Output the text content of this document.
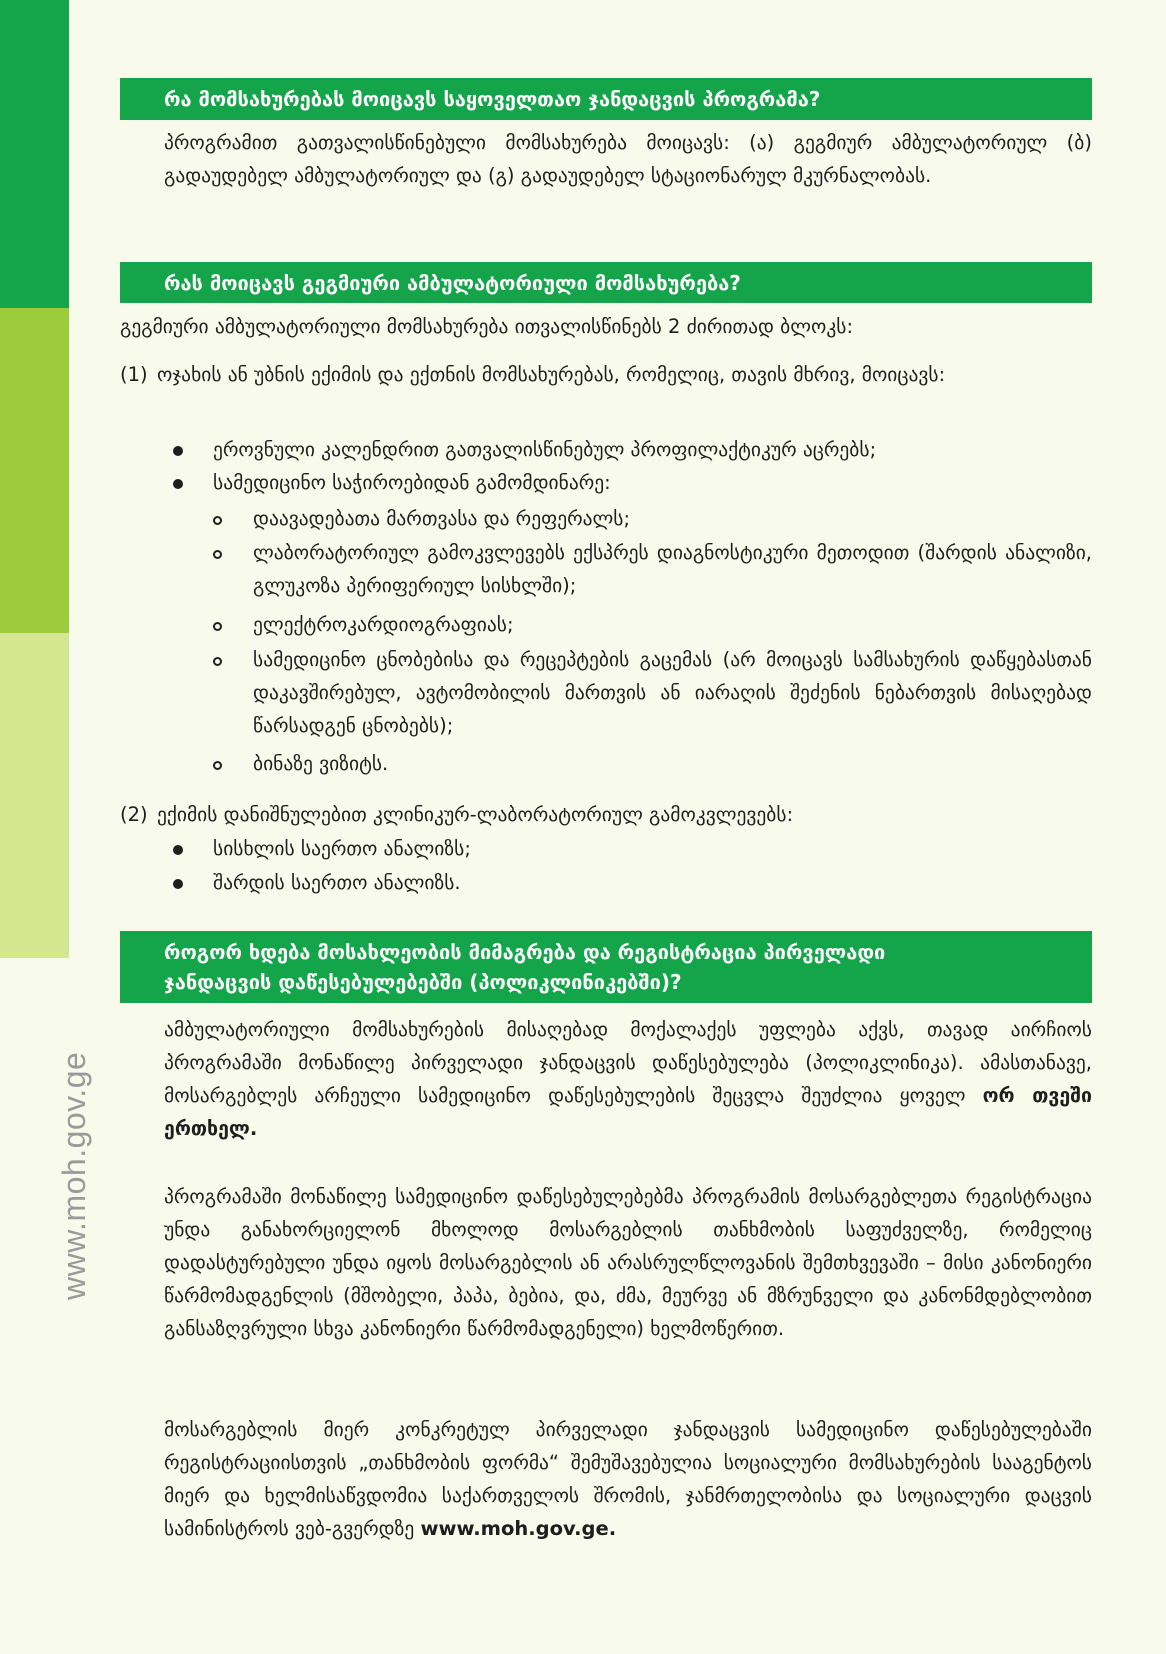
www.moh.gov.ge
რა მომსახურებას მოიცავს საყოველთაო ჯანდაცვის პროგრამა?
პროგრამით გათვალისწინებული მომსახურება მოიცავს: (ა) გეგმიურ ამბულატორიულ (ბ) გადაუდებელ ამბულატორიულ და (გ) გადაუდებელ სტაციონარულ მკურნალობას.
რას მოიცავს გეგმიური ამბულატორიული მომსახურება?
გეგმიური ამბულატორიული მომსახურება ითვალისწინებს 2 ძირითად ბლოკს:
(1) ოჯახის ან უბნის ექიმის და ექთნის მომსახურებას, რომელიც, თავის მხრივ, მოიცავს:
ეროვნული კალენდრით გათვალისწინებულ პროფილაქტიკურ აცრებს;
სამედიცინო საჭიროებიდან გამომდინარე:
დაავადებათა მართვასა და რეფერალს;
ლაბორატორიულ გამოკვლევებს ექსპრეს დიაგნოსტიკური მეთოდით (შარდის ანალიზი, გლუკოზა პერიფერიულ სისხლში);
ელექტროკარდიოგრაფიას;
სამედიცინო ცნობებისა და რეცეპტების გაცემას (არ მოიცავს სამსახურის დაწყებასთან დაკავშირებულ, ავტომობილის მართვის ან იარაღის შეძენის ნებართვის მისაღებად წარსადგენ ცნობებს);
ბინაზე ვიზიტს.
(2) ექიმის დანიშნულებით კლინიკურ-ლაბორატორიულ გამოკვლევებს:
სისხლის საერთო ანალიზს;
შარდის საერთო ანალიზს.
როგორ ხდება მოსახლეობის მიმაგრება და რეგისტრაცია პირველადი
ჯანდაცვის დაწესებულებებში (პოლიკლინიკებში)?
ამბულატორიული მომსახურების მისაღებად მოქალაქეს უფლება აქვს, თავად აირჩიოს პროგრამაში მონაწილე პირველადი ჯანდაცვის დაწესებულება (პოლიკლინიკა). ამასთანავე, მოსარგებლეს არჩეული სამედიცინო დაწესებულების შეცვლა შეუძლია ყოველ ორ თვეში ერთხელ.
პროგრამაში მონაწილე სამედიცინო დაწესებულებებმა პროგრამის მოსარგებლეთა რეგისტრაცია უნდა განახორციელონ მხოლოდ მოსარგებლის თანხმობის საფუძველზე, რომელიც დადასტურებული უნდა იყოს მოსარგებლის ან არასრულწლოვანის შემთხვევაში – მისი კანონიერი წარმომადგენლის (მშობელი, პაპა, ბებია, და, ძმა, მეურვე ან მზრუნველი და კანონმდებლობით განსაზღვრული სხვა კანონიერი წარმომადგენელი) ხელმოწერით.
მოსარგებლის მიერ კონკრეტულ პირველადი ჯანდაცვის სამედიცინო დაწესებულებაში რეგისტრაციისთვის „თანხმობის ფორმა“ შემუშავებულია სოციალური მომსახურების სააგენტოს მიერ და ხელმისაწვდომია საქართველოს შრომის, ჯანმრთელობისა და სოციალური დაცვის სამინისტროს ვებ-გვერდზე www.moh.gov.ge.
